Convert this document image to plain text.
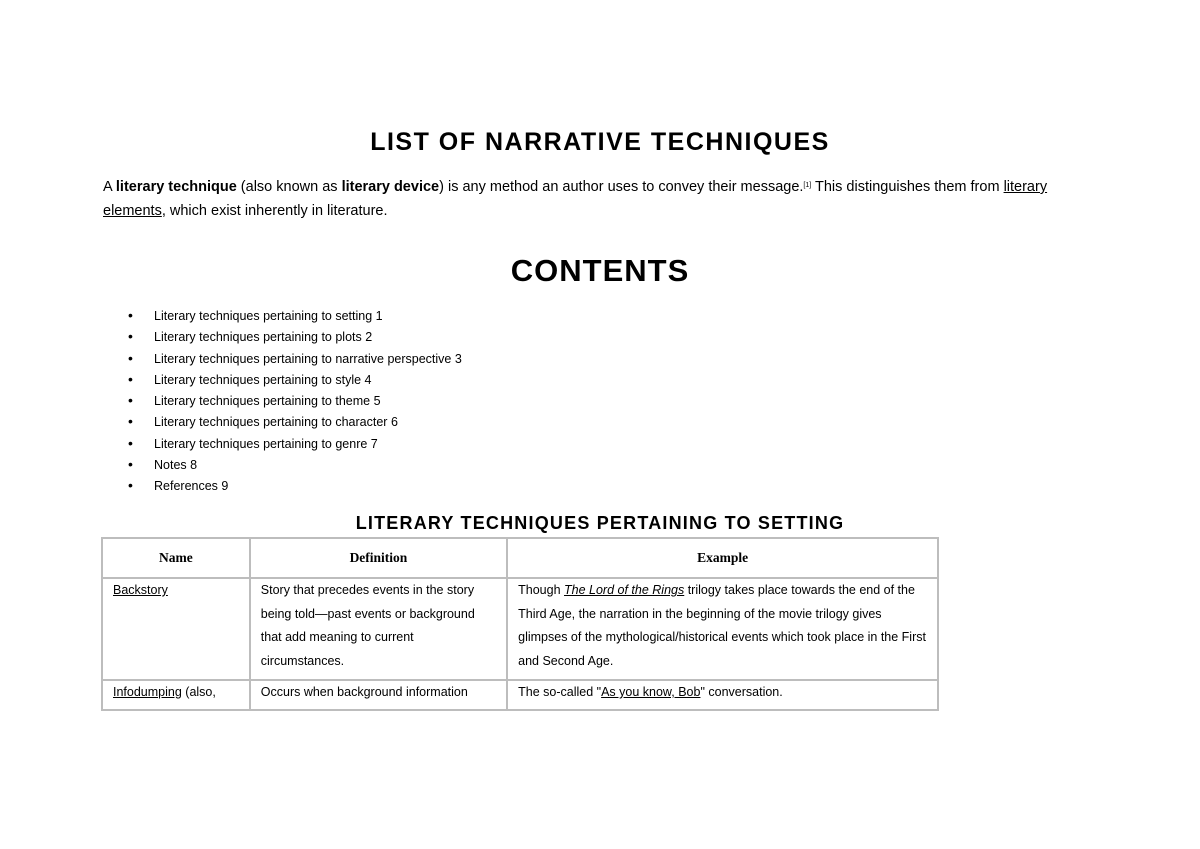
LIST OF NARRATIVE TECHNIQUES

A literary technique (also known as literary device) is any method an author uses to convey their message.[1] This distinguishes them from literary elements, which exist inherently in literature.

CONTENTS
• Literary techniques pertaining to setting 1
• Literary techniques pertaining to plots 2
• Literary techniques pertaining to narrative perspective 3
• Literary techniques pertaining to style 4
• Literary techniques pertaining to theme 5
• Literary techniques pertaining to character 6
• Literary techniques pertaining to genre 7
• Notes 8
• References 9
LITERARY TECHNIQUES PERTAINING TO SETTING
Name	Definition	Example
Backstory	Story that precedes events in the story being told—past events or background that add meaning to current circumstances.	Though The Lord of the Rings trilogy takes place towards the end of the Third Age, the narration in the beginning of the movie trilogy gives glimpses of the mythological/historical events which took place in the First and Second Age.

Infodumping (also,	Occurs when background information	The so-called "As you know, Bob" conversation.
